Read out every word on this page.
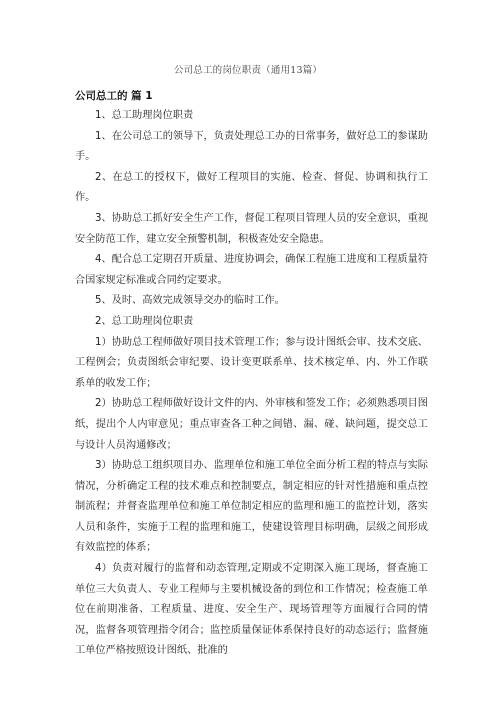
公司总工的岗位职责（通用13篇）
公司总工的 篇 1

1、总工助理岗位职责

1、在公司总工的领导下，负责处理总工办的日常事务，做好总工的参谋助手。

2、在总工的授权下，做好工程项目的实施、检查、督促、协调和执行工作。

3、协助总工抓好安全生产工作，督促工程项目管理人员的安全意识，重视安全防范工作，建立安全预警机制，积极查处安全隐患。

4、配合总工定期召开质量、进度协调会，确保工程施工进度和工程质量符合国家规定标准或合同约定要求。

5、及时、高效完成领导交办的临时工作。

2、总工助理岗位职责

1）协助总工程师做好项目技术管理工作；参与设计图纸会审、技术交底、工程例会；负责图纸会审纪要、设计变更联系单、技术核定单、内、外工作联系单的收发工作；

2）协助总工程师做好设计文件的内、外审核和签发工作；必须熟悉项目图纸，提出个人内审意见；重点审查各工种之间错、漏、碰、缺问题，提交总工与设计人员沟通修改；

3）协助总工组织项目办、监理单位和施工单位全面分析工程的特点与实际情况，分析确定工程的技术难点和控制要点，制定相应的针对性措施和重点控制流程；并督查监理单位和施工单位制定相应的监理和施工的监控计划，落实人员和条件，实施于工程的监理和施工，使建设管理目标明确，层级之间形成有效监控的体系；

4）负责对履行的监督和动态管理,定期或不定期深入施工现场，督查施工单位三大负责人、专业工程师与主要机械设备的到位和工作情况；检查施工单位在前期准备、工程质量、进度、安全生产、现场管理等方面履行合同的情况，监督各项管理指令闭合；监控质量保证体系保持良好的动态运行；监督施工单位严格按照设计图纸、批准的
